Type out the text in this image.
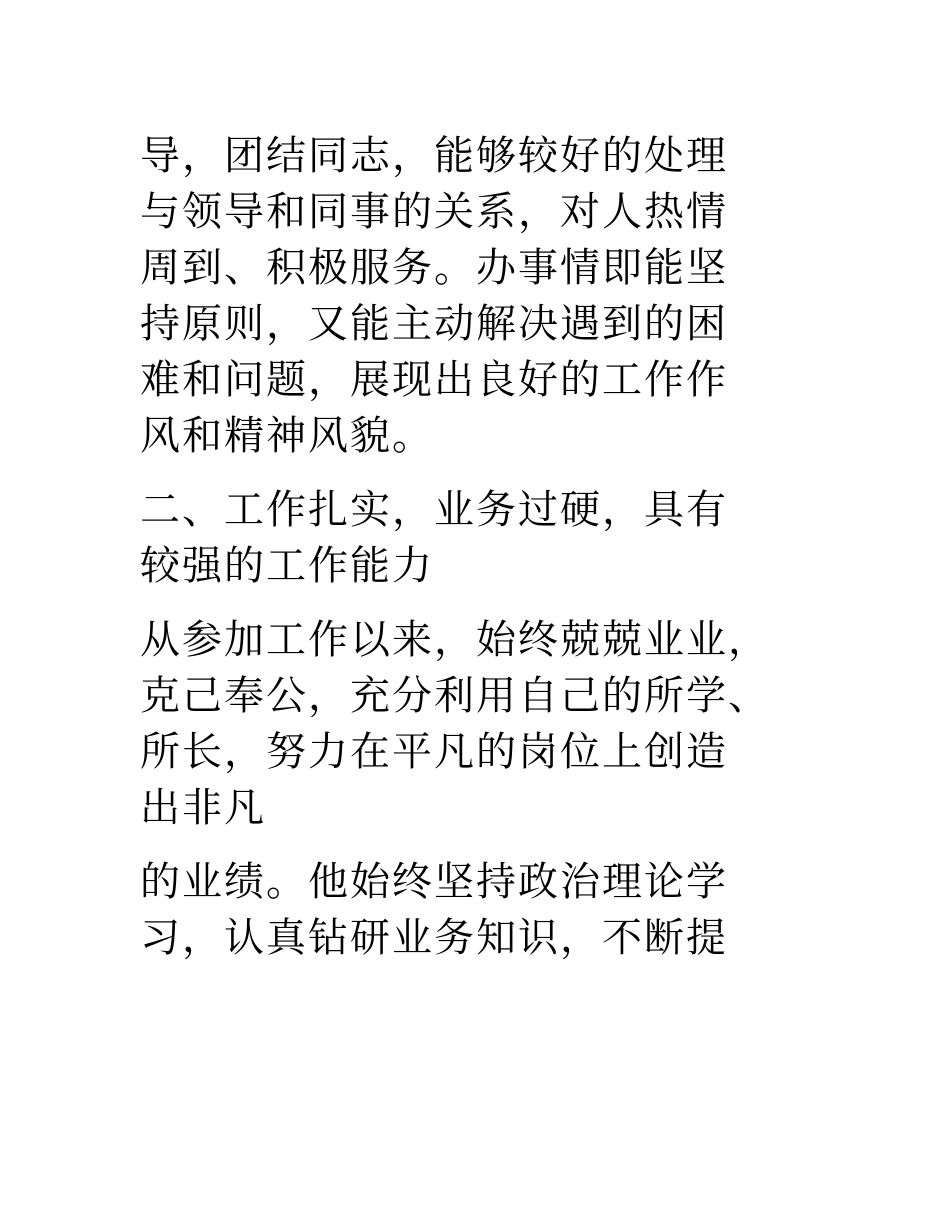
导，团结同志，能够较好的处理
与领导和同事的关系，对人热情
周到、积极服务。办事情即能坚
持原则，又能主动解决遇到的困
难和问题，展现出良好的工作作
风和精神风貌。

二、工作扎实，业务过硬，具有
较强的工作能力

从参加工作以来，始终兢兢业业，
克己奉公，充分利用自己的所学、
所长，努力在平凡的岗位上创造
出非凡

的业绩。他始终坚持政治理论学
习，认真钻研业务知识，不断提
